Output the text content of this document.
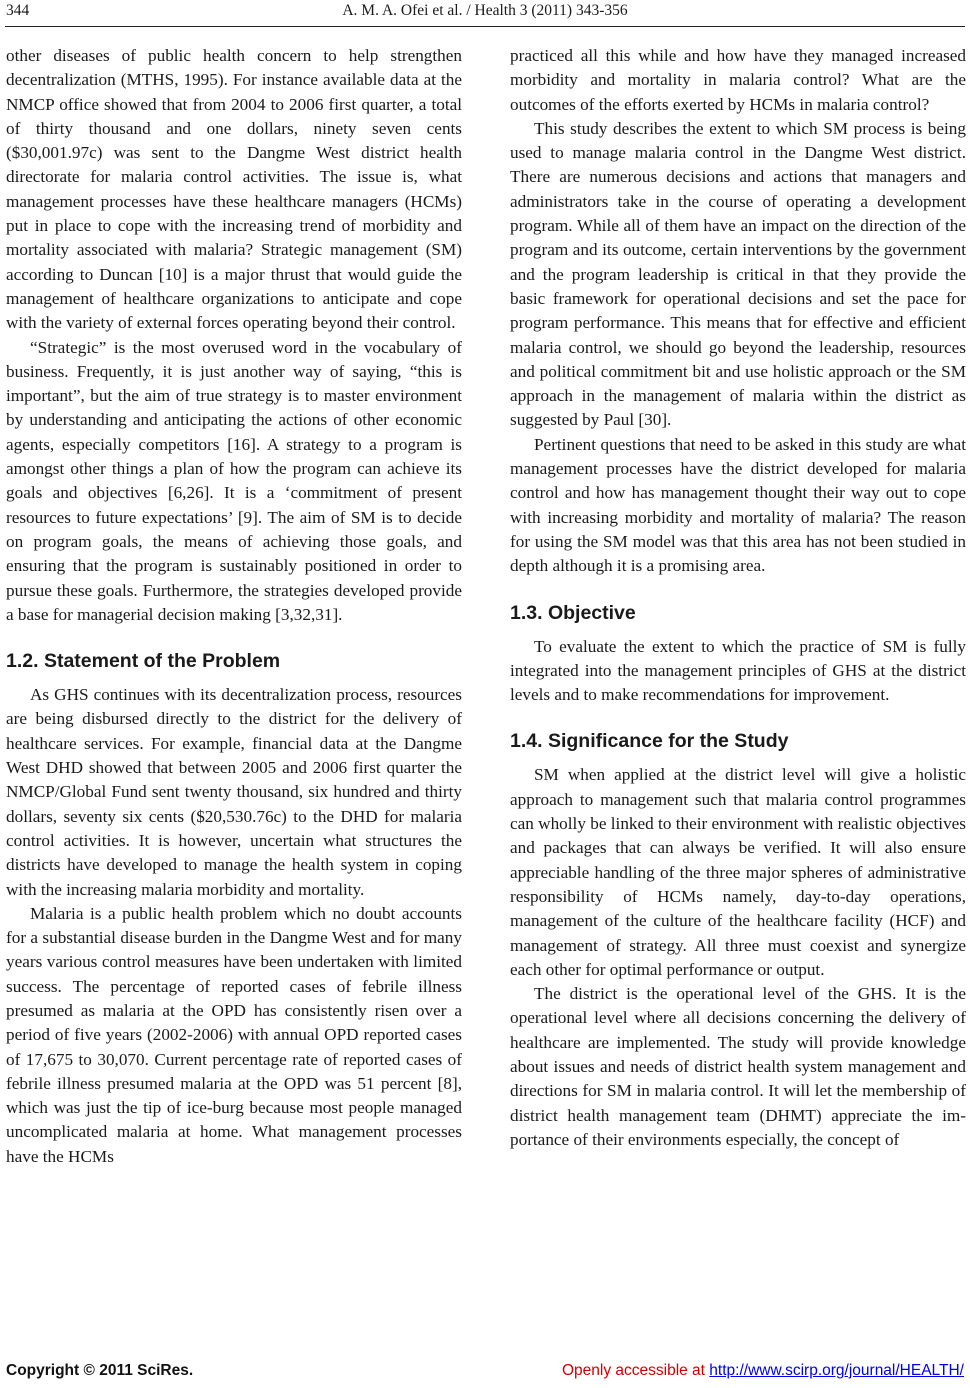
344	A. M. A. Ofei et al. / Health 3 (2011) 343-356

other diseases of public health concern to help strengthen decentralization (MTHS, 1995). For instance available data at the NMCP office showed that from 2004 to 2006 first quarter, a total of thirty thousand and one dollars, ninety seven cents ($30,001.97c) was sent to the Dangme West district health directorate for malaria control activities. The issue is, what management processes have these healthcare managers (HCMs) put in place to cope with the increasing trend of morbidity and mortality associated with malaria? Strategic management (SM) according to Duncan [10] is a major thrust that would guide the management of healthcare organizations to anticipate and cope with the variety of external forces operating beyond their control.

“Strategic” is the most overused word in the vocabulary of business. Frequently, it is just another way of saying, “this is important”, but the aim of true strategy is to master environment by understanding and anticipating the actions of other economic agents, especially competitors [16]. A strategy to a program is amongst other things a plan of how the program can achieve its goals and objectives [6,26]. It is a ‘commitment of present resources to future expectations’ [9]. The aim of SM is to decide on program goals, the means of achieving those goals, and ensuring that the program is sustainably positioned in order to pursue these goals. Furthermore, the strategies developed provide a base for managerial decision making [3,32,31].

1.2. Statement of the Problem

As GHS continues with its decentralization process, resources are being disbursed directly to the district for the delivery of healthcare services. For example, financial data at the Dangme West DHD showed that between 2005 and 2006 first quarter the NMCP/Global Fund sent twenty thousand, six hundred and thirty dollars, seventy six cents ($20,530.76c) to the DHD for malaria control activities. It is however, uncertain what structures the districts have developed to manage the health system in coping with the increasing malaria morbidity and mortality.

Malaria is a public health problem which no doubt accounts for a substantial disease burden in the Dangme West and for many years various control measures have been undertaken with limited success. The percentage of reported cases of febrile illness presumed as malaria at the OPD has consistently risen over a period of five years (2002-2006) with annual OPD reported cases of 17,675 to 30,070. Current percentage rate of reported cases of febrile illness presumed malaria at the OPD was 51 percent [8], which was just the tip of ice-burg because most people managed uncomplicated malaria at home. What management processes have the HCMs

practiced all this while and how have they managed increased morbidity and mortality in malaria control? What are the outcomes of the efforts exerted by HCMs in malaria control?

This study describes the extent to which SM process is being used to manage malaria control in the Dangme West district. There are numerous decisions and actions that managers and administrators take in the course of operating a development program. While all of them have an impact on the direction of the program and its outcome, certain interventions by the government and the program leadership is critical in that they provide the basic framework for operational decisions and set the pace for program performance. This means that for effective and efficient malaria control, we should go beyond the leadership, resources and political commitment bit and use holistic approach or the SM approach in the management of malaria within the district as suggested by Paul [30].

Pertinent questions that need to be asked in this study are what management processes have the district developed for malaria control and how has management thought their way out to cope with increasing morbidity and mortality of malaria? The reason for using the SM model was that this area has not been studied in depth although it is a promising area.

1.3. Objective

To evaluate the extent to which the practice of SM is fully integrated into the management principles of GHS at the district levels and to make recommendations for improvement.

1.4. Significance for the Study

SM when applied at the district level will give a holistic approach to management such that malaria control programmes can wholly be linked to their environment with realistic objectives and packages that can always be verified. It will also ensure appreciable handling of the three major spheres of administrative responsibility of HCMs namely, day-to-day operations, management of the culture of the healthcare facility (HCF) and management of strategy. All three must coexist and synergize each other for optimal performance or output.

The district is the operational level of the GHS. It is the operational level where all decisions concerning the delivery of healthcare are implemented. The study will provide knowledge about issues and needs of district health system management and directions for SM in malaria control. It will let the membership of district health management team (DHMT) appreciate the importance of their environments especially, the concept of

Copyright © 2011 SciRes.	Openly accessible at http://www.scirp.org/journal/HEALTH/
